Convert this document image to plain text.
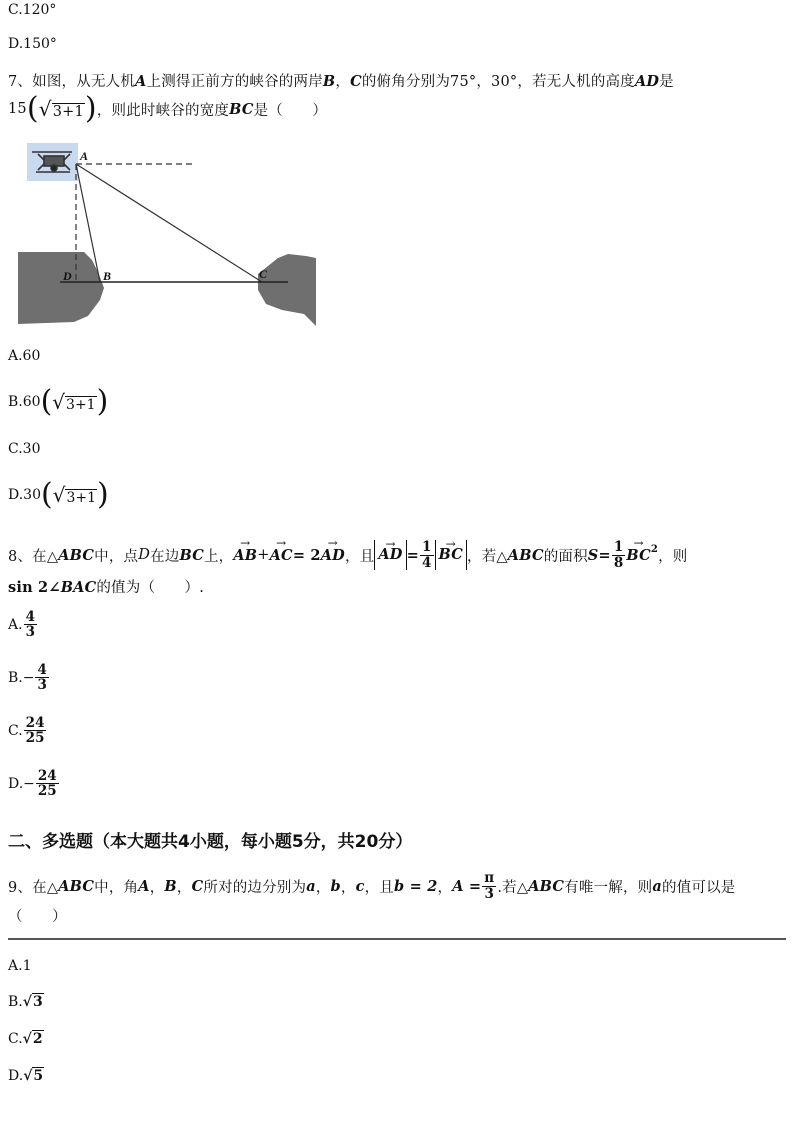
C.120°
D.150°
7、如图，从无人机A上测得正前方的峡谷的两岸B，C的俯角分别为75°，30°，若无人机的高度AD是
15 ( √3+1 ) ，则此时峡谷的宽度 BC 是（　　）
A
D	B	C
A.60
B.60 ( √3+1 )
C.30
D.30 ( √3+1 )
8、 在△ ABC 中，点 D 在边 BC 上，
→ AB +
→ AC = 2
→ AD ，且
→ AD = $\frac{1}{4}$
→ BC ，若△ ABC 的面积 $S = \frac{1}{8}$
→ $BC^2$ ，则
sin 2∠BAC的值为（　　）.
A. $\frac{4}{3}$
$B.- \frac{4}{3}$
C. $\frac{24}{25}$
$D.- \frac{24}{25}$
二、多选题（本大题共4小题，每小题5分，共20分）
9、 在△ ABC 中，角 A ， B ， C 所对的边分别为 a ， b ， c ，且 b = 2 ， $A = \frac{\pi}{3}$ .若△ ABC 有唯一解，则 a 的值可以是
（　　）
A.1
B.√3
C.√2
D.√5
